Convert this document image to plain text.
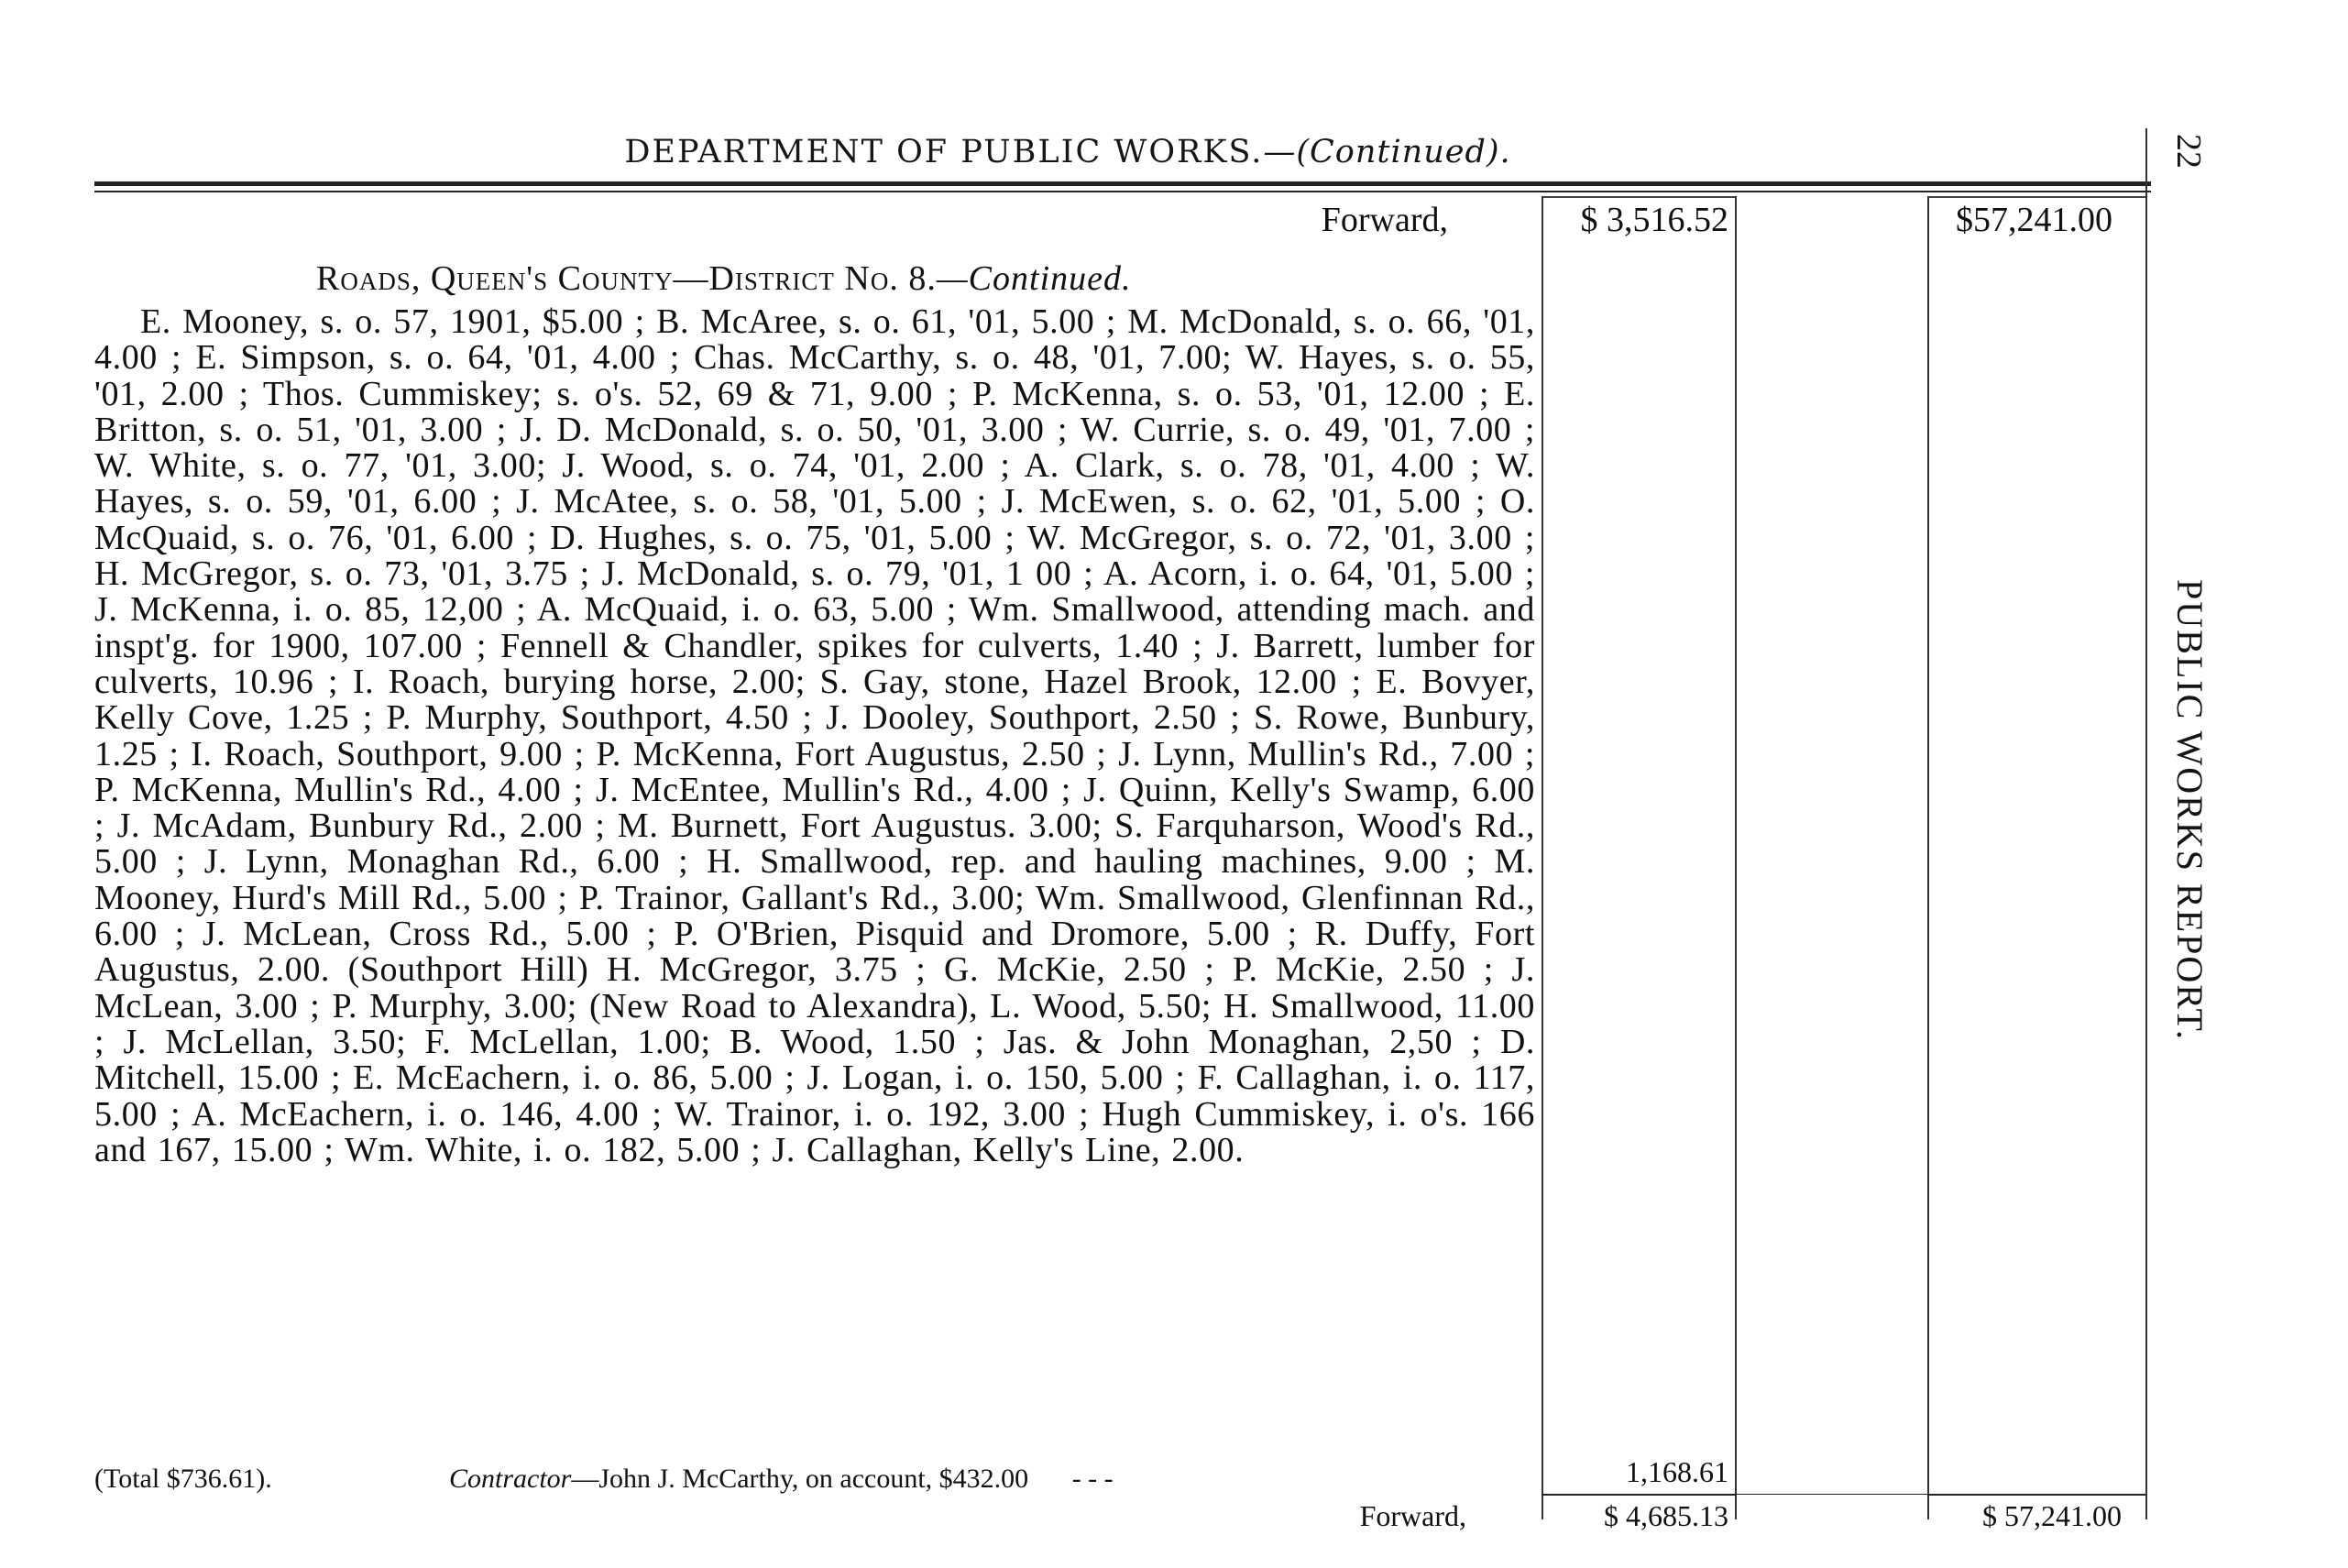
DEPARTMENT OF PUBLIC WORKS.—(Continued).
Forward,	$ 3,516.52	$57,241.00
Roads, Queen's County—District No. 8.—Continued.
E. Mooney, s. o. 57, 1901, $5.00 ; B. McAree, s. o. 61, '01, 5.00 ; M. McDonald, s. o. 66, '01, 4.00 ; E. Simpson, s. o. 64, '01, 4.00 ; Chas. McCarthy, s. o. 48, '01, 7.00; W. Hayes, s. o. 55, '01, 2.00 ; Thos. Cummiskey; s. o's. 52, 69 & 71, 9.00 ; P. McKenna, s. o. 53, '01, 12.00 ; E. Britton, s. o. 51, '01, 3.00 ; J. D. McDonald, s. o. 50, '01, 3.00 ; W. Currie, s. o. 49, '01, 7.00 ; W. White, s. o. 77, '01, 3.00; J. Wood, s. o. 74, '01, 2.00 ; A. Clark, s. o. 78, '01, 4.00 ; W. Hayes, s. o. 59, '01, 6.00 ; J. McAtee, s. o. 58, '01, 5.00 ; J. McEwen, s. o. 62, '01, 5.00 ; O. McQuaid, s. o. 76, '01, 6.00 ; D. Hughes, s. o. 75, '01, 5.00 ; W. McGregor, s. o. 72, '01, 3.00 ; H. McGregor, s. o. 73, '01, 3.75 ; J. McDonald, s. o. 79, '01, 1 00 ; A. Acorn, i. o. 64, '01, 5.00 ; J. McKenna, i. o. 85, 12,00 ; A. McQuaid, i. o. 63, 5.00 ; Wm. Smallwood, attending mach. and inspt'g. for 1900, 107.00 ; Fennell & Chandler, spikes for culverts, 1.40 ; J. Barrett, lumber for culverts, 10.96 ; I. Roach, burying horse, 2.00; S. Gay, stone, Hazel Brook, 12.00 ; E. Bovyer, Kelly Cove, 1.25 ; P. Murphy, Southport, 4.50 ; J. Dooley, Southport, 2.50 ; S. Rowe, Bunbury, 1.25 ; I. Roach, Southport, 9.00 ; P. McKenna, Fort Augustus, 2.50 ; J. Lynn, Mullin's Rd., 7.00 ; P. McKenna, Mullin's Rd., 4.00 ; J. McEntee, Mullin's Rd., 4.00 ; J. Quinn, Kelly's Swamp, 6.00 ; J. McAdam, Bunbury Rd., 2.00 ; M. Burnett, Fort Augustus. 3.00; S. Farquharson, Wood's Rd., 5.00 ; J. Lynn, Monaghan Rd., 6.00 ; H. Smallwood, rep. and hauling machines, 9.00 ; M. Mooney, Hurd's Mill Rd., 5.00 ; P. Trainor, Gallant's Rd., 3.00; Wm. Smallwood, Glenfinnan Rd., 6.00 ; J. McLean, Cross Rd., 5.00 ; P. O'Brien, Pisquid and Dromore, 5.00 ; R. Duffy, Fort Augustus, 2.00. (Southport Hill) H. McGregor, 3.75 ; G. McKie, 2.50 ; P. McKie, 2.50 ; J. McLean, 3.00 ; P. Murphy, 3.00; (New Road to Alexandra), L. Wood, 5.50; H. Smallwood, 11.00 ; J. McLellan, 3.50; F. McLellan, 1.00; B. Wood, 1.50 ; Jas. & John Monaghan, 2,50 ; D. Mitchell, 15.00 ; E. McEachern, i. o. 86, 5.00 ; J. Logan, i. o. 150, 5.00 ; F. Callaghan, i. o. 117, 5.00 ; A. McEachern, i. o. 146, 4.00 ; W. Trainor, i. o. 192, 3.00 ; Hugh Cummiskey, i. o's. 166 and 167, 15.00 ; Wm. White, i. o. 182, 5.00 ; J. Callaghan, Kelly's Line, 2.00.
(Total $736.61).	Contractor—John J. McCarthy, on account, $432.00 - - -	1,168.61
Forward,	$ 4,685.13	$ 57,241.00
22
PUBLIC WORKS REPORT.
